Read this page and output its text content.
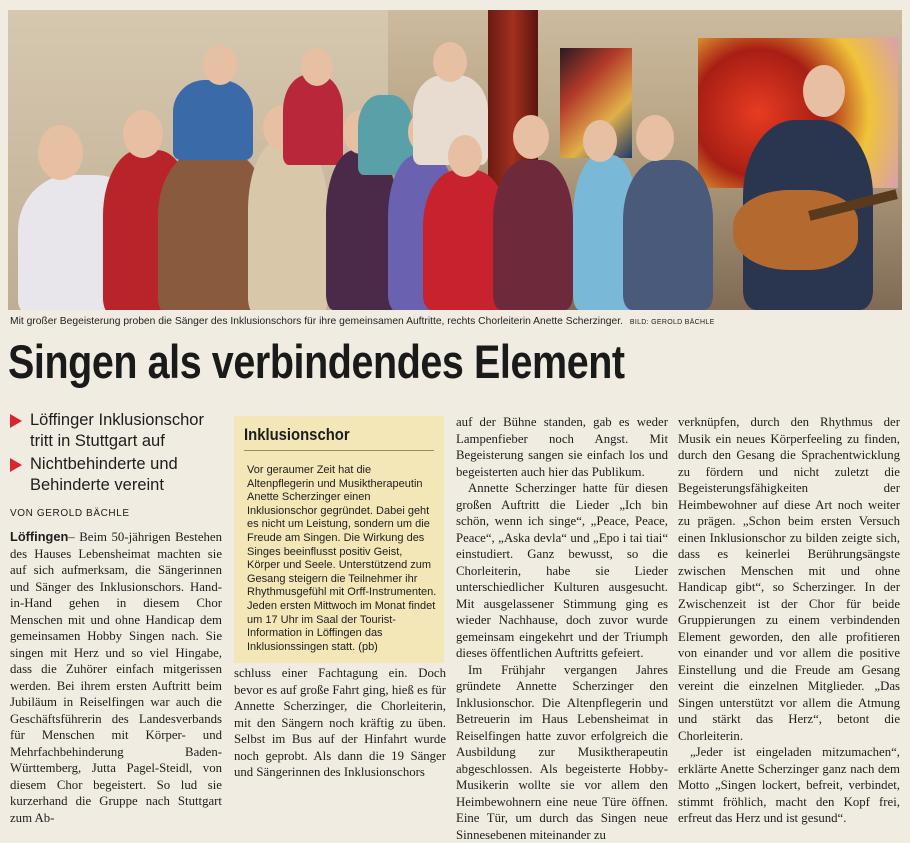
Mit großer Begeisterung proben die Sänger des Inklusionschors für ihre gemeinsamen Auftritte, rechts Chorleiterin Anette Scherzinger. BILD: GEROLD BÄCHLE
Singen als verbindendes Element
Löffinger Inklusionschor tritt in Stuttgart auf
Nichtbehinderte und Behinderte vereint
VON GEROLD BÄCHLE

Löffingen– Beim 50-jährigen Bestehen des Hauses Lebensheimat machten sie auf sich aufmerksam, die Sängerinnen und Sänger des Inklusionschors. Hand-in-Hand gehen in diesem Chor Menschen mit und ohne Handicap dem gemeinsamen Hobby Singen nach. Sie singen mit Herz und so viel Hingabe, dass die Zuhörer einfach mitgerissen werden. Bei ihrem ersten Auftritt beim Jubiläum in Reiselfingen war auch die Geschäftsführerin des Landesverbands für Menschen mit Körper- und Mehrfachbehinderung Baden-Württemberg, Jutta Pagel-Steidl, von diesem Chor begeistert. So lud sie kurzerhand die Gruppe nach Stuttgart zum Ab-

Inklusionschor
Vor geraumer Zeit hat die Altenpflegerin und Musiktherapeutin Anette Scherzinger einen Inklusionschor gegründet. Dabei geht es nicht um Leistung, sondern um die Freude am Singen. Die Wirkung des Singes beeinflusst positiv Geist, Körper und Seele. Unterstützend zum Gesang steigern die Teilnehmer ihr Rhythmusgefühl mit Orff-Instrumenten. Jeden ersten Mittwoch im Monat findet um 17 Uhr im Saal der Tourist-Information in Löffingen das Inklusionssingen statt. (pb)

schluss einer Fachtagung ein. Doch bevor es auf große Fahrt ging, hieß es für Annette Scherzinger, die Chorleiterin, mit den Sängern noch kräftig zu üben. Selbst im Bus auf der Hinfahrt wurde noch geprobt. Als dann die 19 Sänger und Sängerinnen des Inklusionschors

auf der Bühne standen, gab es weder Lampenfieber noch Angst. Mit Begeisterung sangen sie einfach los und begeisterten auch hier das Publikum.

Annette Scherzinger hatte für diesen großen Auftritt die Lieder „Ich bin schön, wenn ich singe“, „Peace, Peace, Peace“, „Aska devla“ und „Epo i tai tiai“ einstudiert. Ganz bewusst, so die Chorleiterin, habe sie Lieder unterschiedlicher Kulturen ausgesucht. Mit ausgelassener Stimmung ging es wieder Nachhause, doch zuvor wurde gemeinsam eingekehrt und der Triumph dieses öffentlichen Auftritts gefeiert.

Im Frühjahr vergangen Jahres gründete Annette Scherzinger den Inklusionschor. Die Altenpflegerin und Betreuerin im Haus Lebensheimat in Reiselfingen hatte zuvor erfolgreich die Ausbildung zur Musiktherapeutin abgeschlossen. Als begeisterte Hobby-Musikerin wollte sie vor allem den Heimbewohnern eine neue Türe öffnen. Eine Tür, um durch das Singen neue Sinnesebenen miteinander zu

verknüpfen, durch den Rhythmus der Musik ein neues Körperfeeling zu finden, durch den Gesang die Sprachentwicklung zu fördern und nicht zuletzt die Begeisterungsfähigkeiten der Heimbewohner auf diese Art noch weiter zu prägen. „Schon beim ersten Versuch einen Inklusionschor zu bilden zeigte sich, dass es keinerlei Berührungsängste zwischen Menschen mit und ohne Handicap gibt“, so Scherzinger. In der Zwischenzeit ist der Chor für beide Gruppierungen zu einem verbindenden Element geworden, den alle profitieren von einander und vor allem die positive Einstellung und die Freude am Gesang vereint die einzelnen Mitglieder. „Das Singen unterstützt vor allem die Atmung und stärkt das Herz“, betont die Chorleiterin.

„Jeder ist eingeladen mitzumachen“, erklärte Anette Scherzinger ganz nach dem Motto „Singen lockert, befreit, verbindet, stimmt fröhlich, macht den Kopf frei, erfreut das Herz und ist gesund“.
